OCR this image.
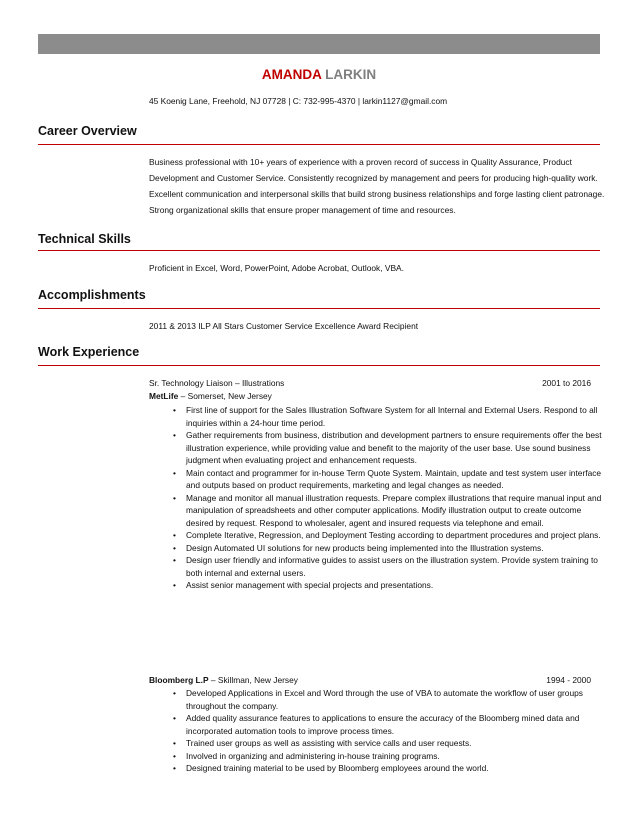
AMANDA LARKIN
45 Koenig Lane, Freehold, NJ 07728 | C: 732-995-4370 | larkin1127@gmail.com
Career Overview
Business professional with 10+ years of experience with a proven record of success in Quality Assurance, Product Development and Customer Service. Consistently recognized by management and peers for producing high-quality work. Excellent communication and interpersonal skills that build strong business relationships and forge lasting client patronage. Strong organizational skills that ensure proper management of time and resources.
Technical Skills
Proficient in Excel, Word, PowerPoint, Adobe Acrobat, Outlook, VBA.
Accomplishments
2011 & 2013 ILP All Stars Customer Service Excellence Award Recipient
Work Experience
Sr. Technology Liaison – Illustrations	2001 to 2016
MetLife – Somerset, New Jersey
• First line of support for the Sales Illustration Software System for all Internal and External Users. Respond to all inquiries within a 24-hour time period.
• Gather requirements from business, distribution and development partners to ensure requirements offer the best illustration experience, while providing value and benefit to the majority of the user base. Use sound business judgment when evaluating project and enhancement requests.
• Main contact and programmer for in-house Term Quote System. Maintain, update and test system user interface and outputs based on product requirements, marketing and legal changes as needed.
• Manage and monitor all manual illustration requests. Prepare complex illustrations that require manual input and manipulation of spreadsheets and other computer applications. Modify illustration output to create outcome desired by request. Respond to wholesaler, agent and insured requests via telephone and email.
• Complete Iterative, Regression, and Deployment Testing according to department procedures and project plans.
• Design Automated UI solutions for new products being implemented into the Illustration systems.
• Design user friendly and informative guides to assist users on the illustration system. Provide system training to both internal and external users.
• Assist senior management with special projects and presentations.
Bloomberg L.P – Skillman, New Jersey	1994 - 2000
• Developed Applications in Excel and Word through the use of VBA to automate the workflow of user groups throughout the company.
• Added quality assurance features to applications to ensure the accuracy of the Bloomberg mined data and incorporated automation tools to improve process times.
• Trained user groups as well as assisting with service calls and user requests.
• Involved in organizing and administering in-house training programs.
• Designed training material to be used by Bloomberg employees around the world.
